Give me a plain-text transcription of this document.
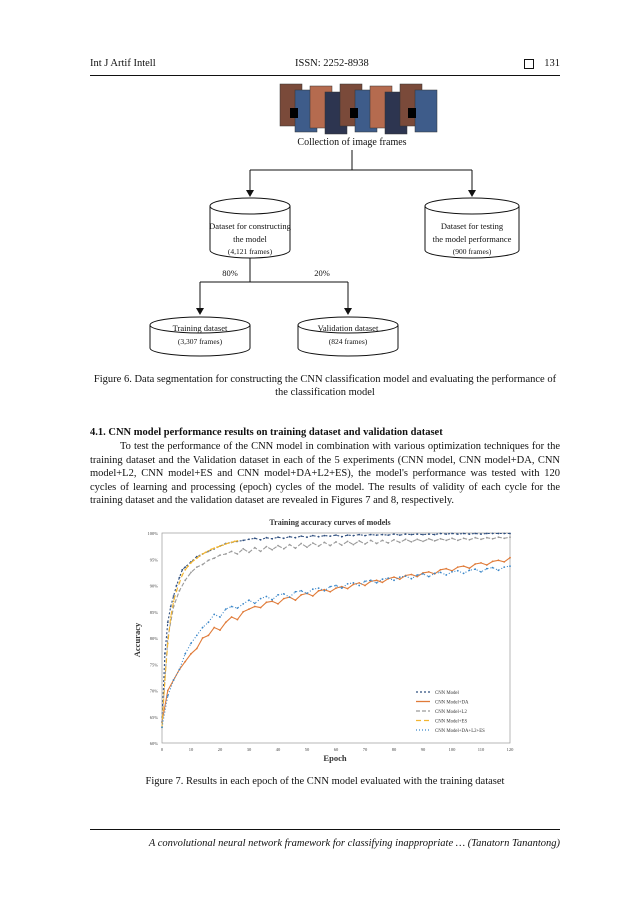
Int J Artif Intell	ISSN: 2252-8938	131
Collection of image frames
Dataset for constructing
the model
(4,121 frames)
Dataset for testing
the model performance
(900 frames)
80%	20%
Training dataset
(3,307 frames)
Validation dataset
(824 frames)
Figure 6. Data segmentation for constructing the CNN classification model and evaluating the performance of the classification model
4.1. CNN model performance results on training dataset and validation dataset
To test the performance of the CNN model in combination with various optimization techniques for the training dataset and the Validation dataset in each of the 5 experiments (CNN model, CNN model+DA, CNN model+L2, CNN model+ES and CNN model+DA+L2+ES), the model's performance was tested with 120 cycles of learning and processing (epoch) cycles of the model. The results of validity of each cycle for the training dataset and the validation dataset are revealed in Figures 7 and 8, respectively.
Training accuracy curves of models
60%
65%
70%
75%
80%
85%
90%
95%
100%
0	10	20	30	40	50	60	70	80	90	100	110	120
CNN Model
CNN Model+DA
CNN Model+L2
CNN Model+ES
CNN Model+DA+L2+ES
Epoch
Accuracy
Figure 7. Results in each epoch of the CNN model evaluated with the training dataset
A convolutional neural network framework for classifying inappropriate … (Tanatorn Tanantong)
